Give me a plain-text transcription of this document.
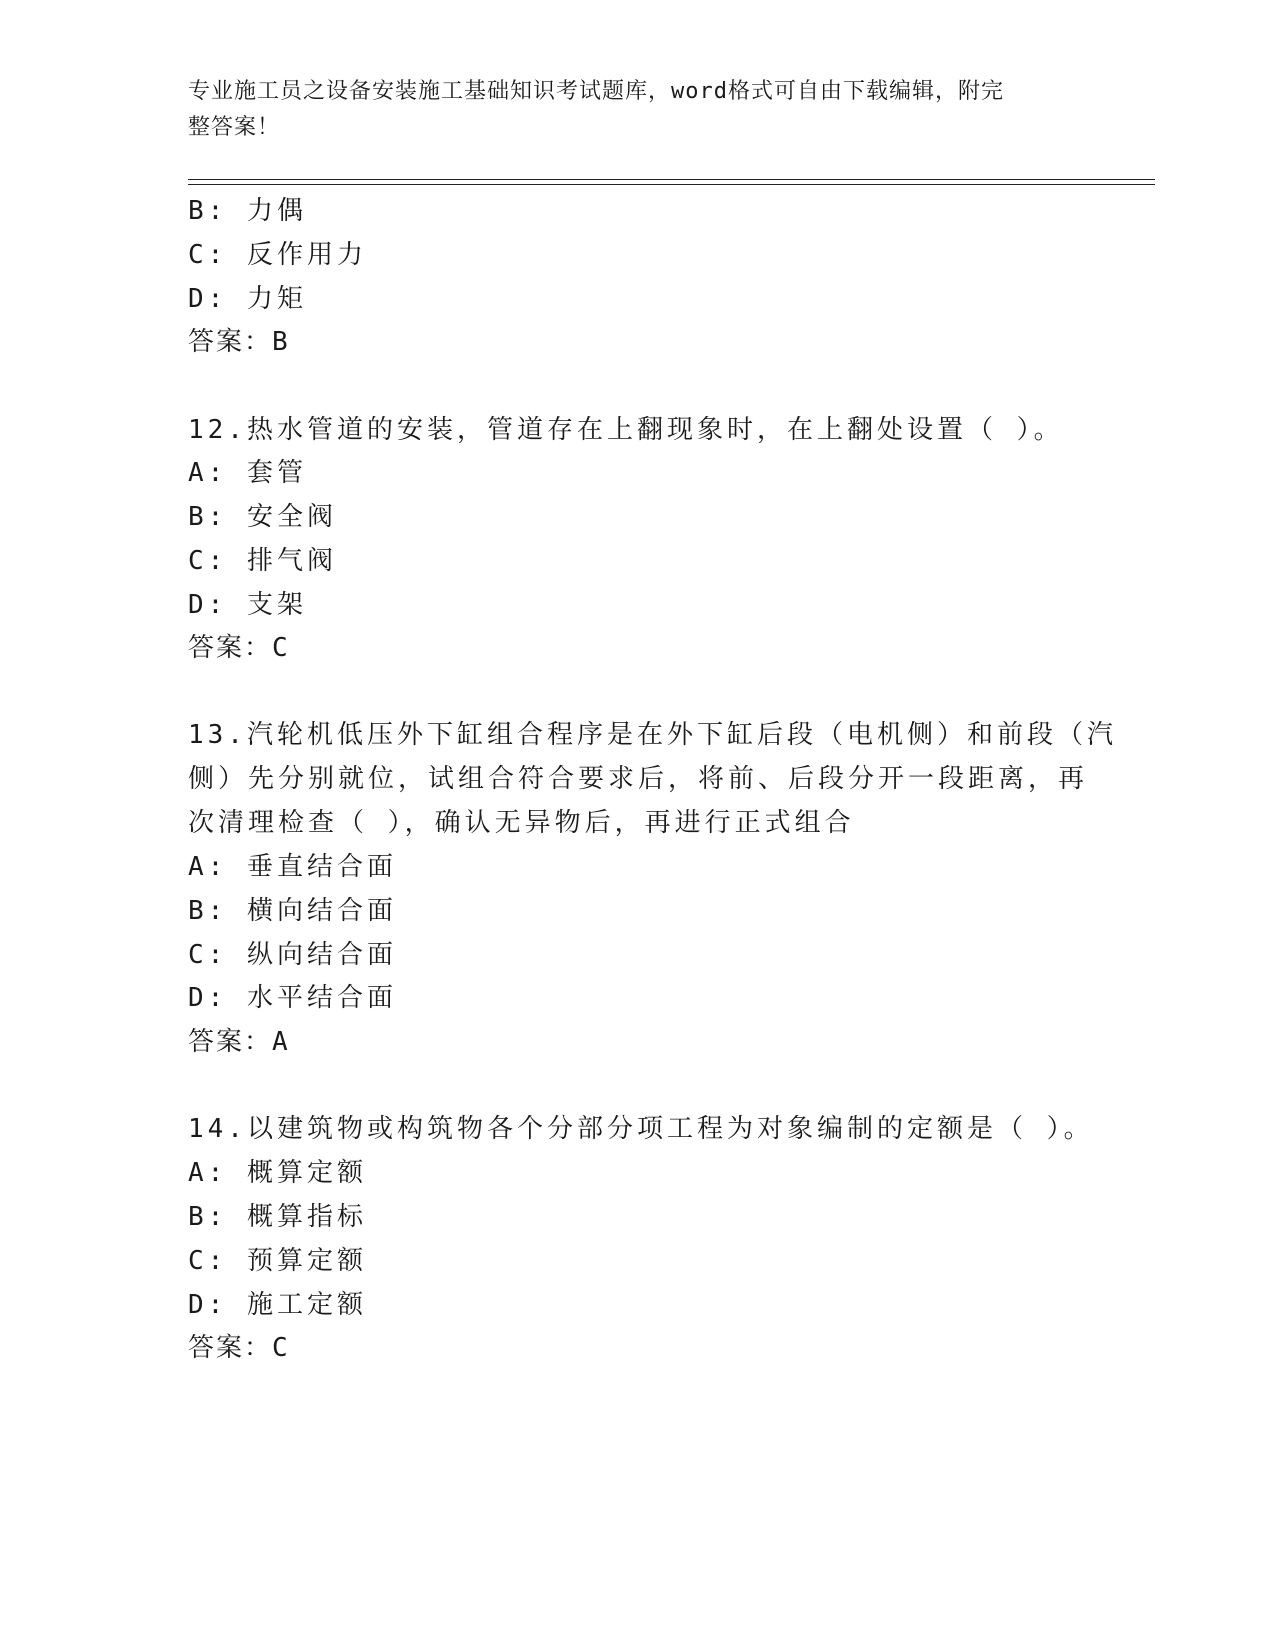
专业施工员之设备安装施工基础知识考试题库，word格式可自由下载编辑，附完
整答案！
B: 力偶
C: 反作用力
D: 力矩
答案：B
12.热水管道的安装，管道存在上翻现象时，在上翻处设置（ ）。
A: 套管
B: 安全阀
C: 排气阀
D: 支架
答案：C
13.汽轮机低压外下缸组合程序是在外下缸后段（电机侧）和前段（汽
侧）先分别就位，试组合符合要求后，将前、后段分开一段距离，再
次清理检查（ ），确认无异物后，再进行正式组合
A: 垂直结合面
B: 横向结合面
C: 纵向结合面
D: 水平结合面
答案：A
14.以建筑物或构筑物各个分部分项工程为对象编制的定额是（ ）。
A: 概算定额
B: 概算指标
C: 预算定额
D: 施工定额
答案：C
